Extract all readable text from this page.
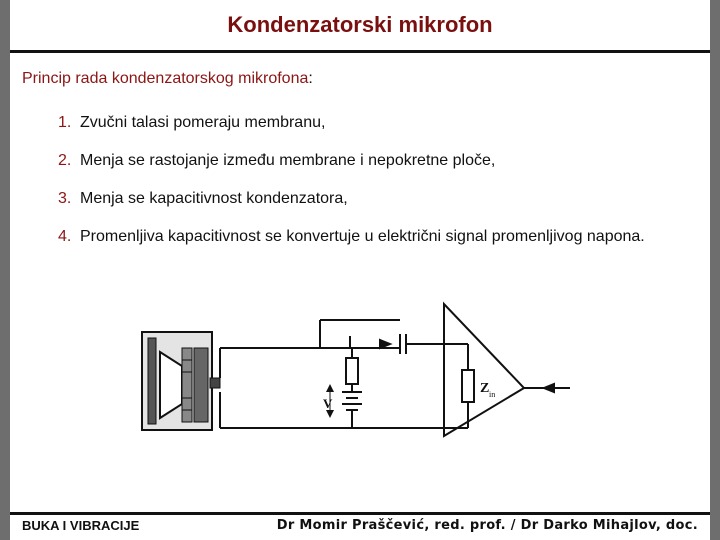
Kondenzatorski mikrofon
Princip rada kondenzatorskog mikrofona:
1. Zvučni talasi pomeraju membranu,
2. Menja se rastojanje između membrane i nepokretne ploče,
3. Menja se kapacitivnost kondenzatora,
4. Promenljiva kapacitivnost se konvertuje u električni signal promenljivog napona.
V
Z in
BUKA I VIBRACIJE	Dr Momir Praščević, red. prof. / Dr Darko Mihajlov, doc.
